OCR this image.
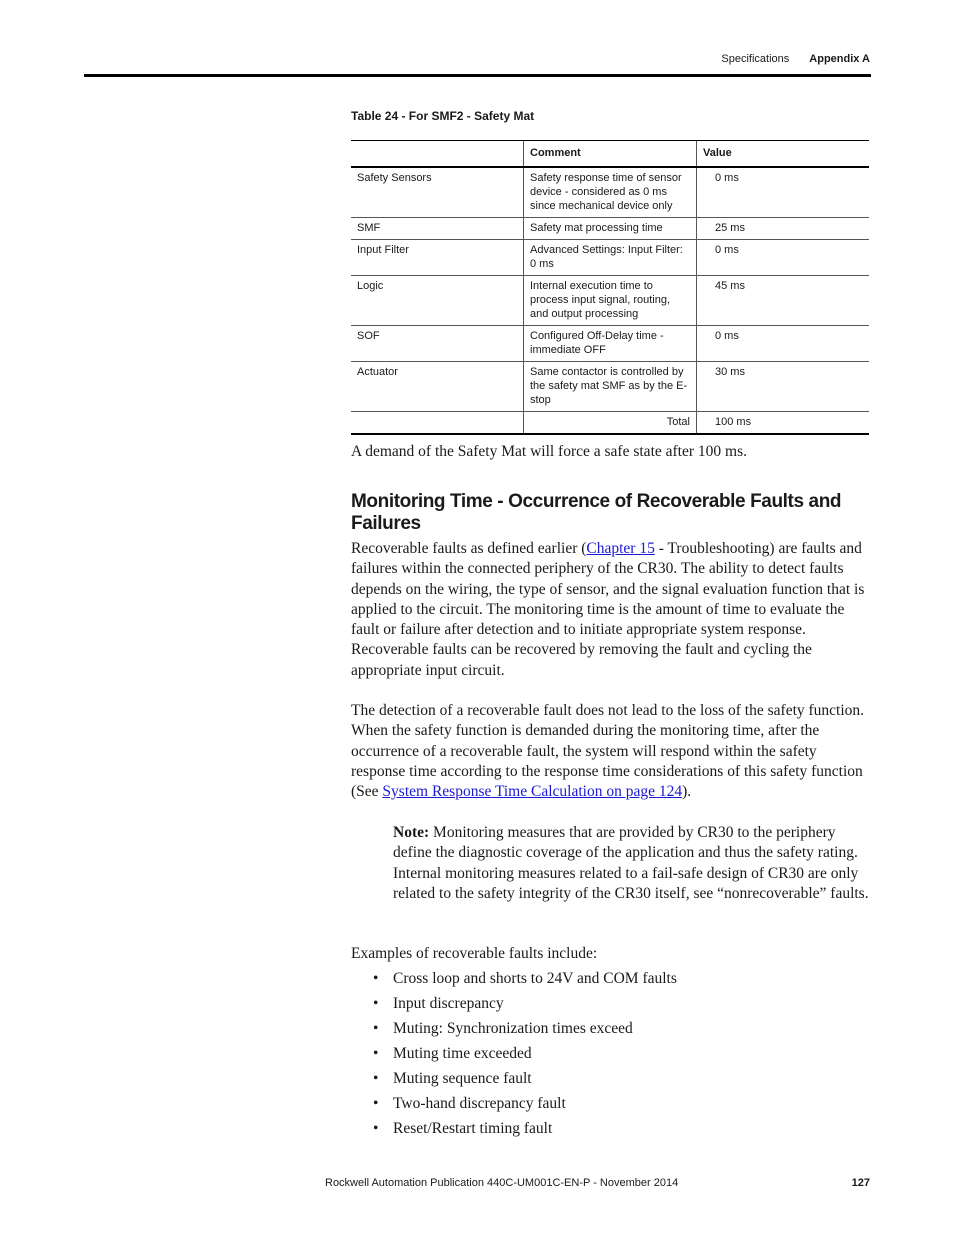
Specifications Appendix A
Table 24 - For SMF2 - Safety Mat
	Comment	Value
Safety Sensors	Safety response time of sensor device - considered as 0 ms since mechanical device only	0 ms
SMF	Safety mat processing time	25 ms
Input Filter	Advanced Settings: Input Filter: 0 ms	0 ms
Logic	Internal execution time to process input signal, routing, and output processing	45 ms
SOF	Configured Off-Delay time - immediate OFF	0 ms
Actuator	Same contactor is controlled by the safety mat SMF as by the E-stop	30 ms
	Total	100 ms
A demand of the Safety Mat will force a safe state after 100 ms.
Monitoring Time - Occurrence of Recoverable Faults and Failures
Recoverable faults as defined earlier (Chapter 15 - Troubleshooting) are faults and failures within the connected periphery of the CR30. The ability to detect faults depends on the wiring, the type of sensor, and the signal evaluation function that is applied to the circuit. The monitoring time is the amount of time to evaluate the fault or failure after detection and to initiate appropriate system response. Recoverable faults can be recovered by removing the fault and cycling the appropriate input circuit.
The detection of a recoverable fault does not lead to the loss of the safety function. When the safety function is demanded during the monitoring time, after the occurrence of a recoverable fault, the system will respond within the safety response time according to the response time considerations of this safety function (See System Response Time Calculation on page 124).
Note: Monitoring measures that are provided by CR30 to the periphery define the diagnostic coverage of the application and thus the safety rating. Internal monitoring measures related to a fail-safe design of CR30 are only related to the safety integrity of the CR30 itself, see “nonrecoverable” faults.
Examples of recoverable faults include:
• Cross loop and shorts to 24V and COM faults
• Input discrepancy
• Muting: Synchronization times exceed
• Muting time exceeded
• Muting sequence fault
• Two-hand discrepancy fault
• Reset/Restart timing fault
Rockwell Automation Publication 440C-UM001C-EN-P - November 2014	127
